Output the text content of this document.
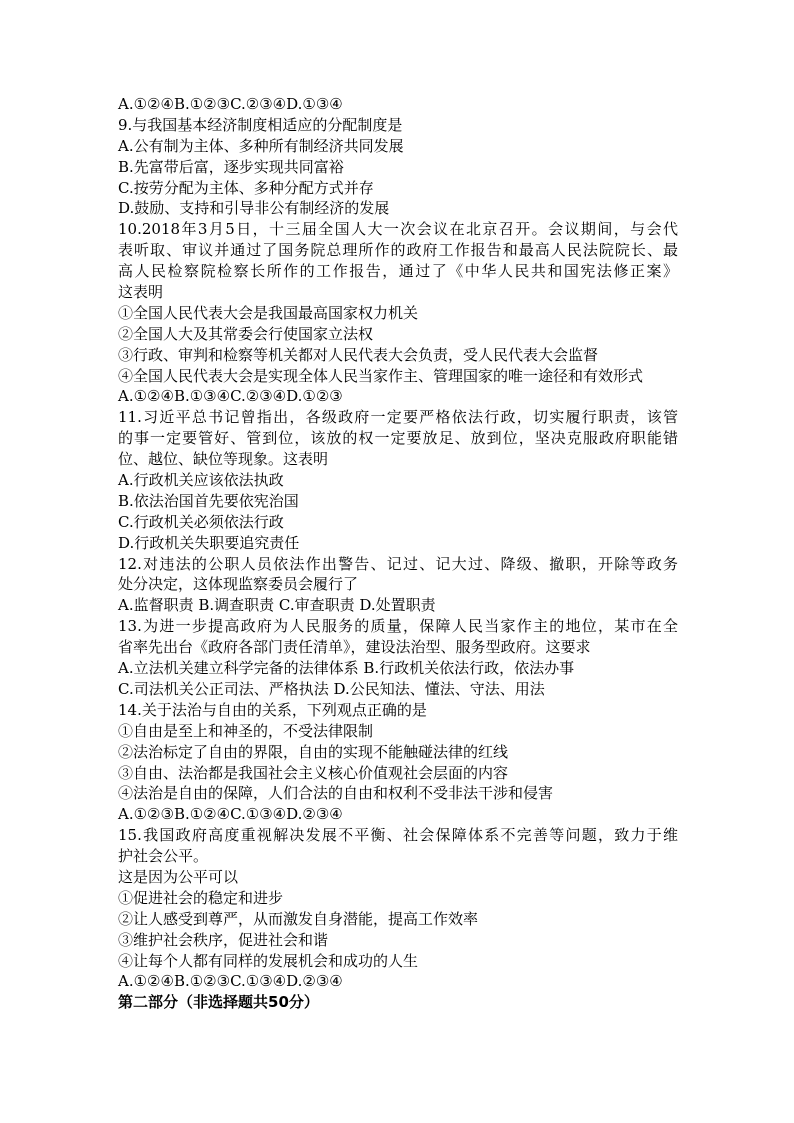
A.①②④B.①②③C.②③④D.①③④
9.与我国基本经济制度相适应的分配制度是
A.公有制为主体、多种所有制经济共同发展
B.先富带后富，逐步实现共同富裕
C.按劳分配为主体、多种分配方式并存
D.鼓励、支持和引导非公有制经济的发展
10.2018年3月5日，十三届全国人大一次会议在北京召开。会议期间，与会代
表听取、审议并通过了国务院总理所作的政府工作报告和最高人民法院院长、最
高人民检察院检察长所作的工作报告，通过了《中华人民共和国宪法修正案》
这表明
①全国人民代表大会是我国最高国家权力机关
②全国人大及其常委会行使国家立法权
③行政、审判和检察等机关都对人民代表大会负责，受人民代表大会监督
④全国人民代表大会是实现全体人民当家作主、管理国家的唯一途径和有效形式
A.①②④B.①③④C.②③④D.①②③
11.习近平总书记曾指出，各级政府一定要严格依法行政，切实履行职责，该管
的事一定要管好、管到位，该放的权一定要放足、放到位，坚决克服政府职能错
位、越位、缺位等现象。这表明
A.行政机关应该依法执政
B.依法治国首先要依宪治国
C.行政机关必须依法行政
D.行政机关失职要追究责任
12.对违法的公职人员依法作出警告、记过、记大过、降级、撤职，开除等政务
处分决定，这体现监察委员会履行了
A.监督职责 B.调查职责 C.审查职责 D.处置职责
13.为进一步提高政府为人民服务的质量，保障人民当家作主的地位，某市在全
省率先出台《政府各部门责任清单》，建设法治型、服务型政府。这要求
A.立法机关建立科学完备的法律体系 B.行政机关依法行政，依法办事
C.司法机关公正司法、严格执法 D.公民知法、懂法、守法、用法
14.关于法治与自由的关系，下列观点正确的是
①自由是至上和神圣的，不受法律限制
②法治标定了自由的界限，自由的实现不能触碰法律的红线
③自由、法治都是我国社会主义核心价值观社会层面的内容
④法治是自由的保障，人们合法的自由和权利不受非法干涉和侵害
A.①②③B.①②④C.①③④D.②③④
15.我国政府高度重视解决发展不平衡、社会保障体系不完善等问题，致力于维
护社会公平。
这是因为公平可以
①促进社会的稳定和进步
②让人感受到尊严，从而激发自身潜能，提高工作效率
③维护社会秩序，促进社会和谐
④让每个人都有同样的发展机会和成功的人生
A.①②④B.①②③C.①③④D.②③④
第二部分（非选择题共50分）
